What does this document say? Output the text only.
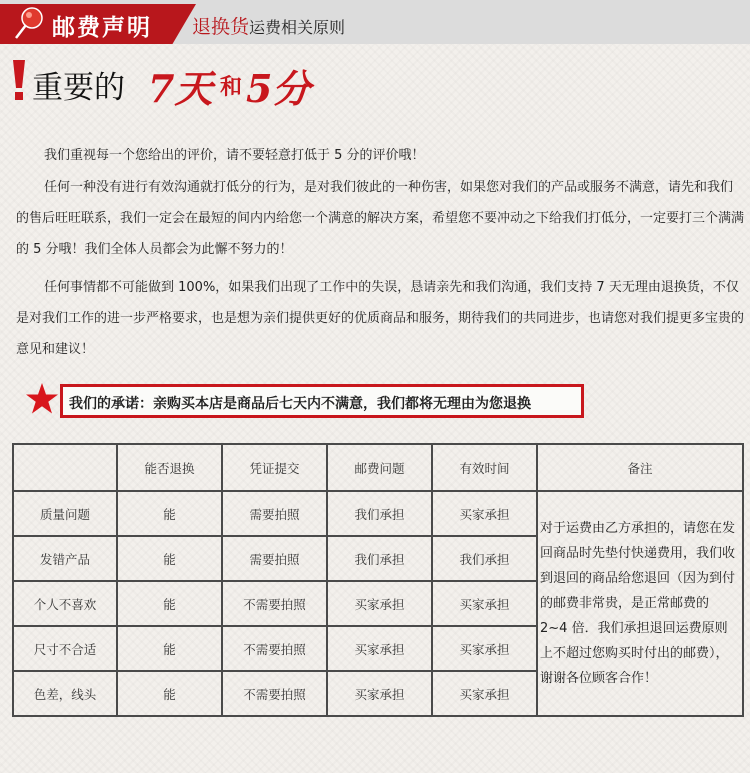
邮费声明 退换货运费相关原则
重要的 7天 和 5分
我们重视每一个您给出的评价，请不要轻意打低于 5 分的评价哦！
任何一种没有进行有效沟通就打低分的行为，是对我们彼此的一种伤害，如果您对我们的产品或服务不满意，请先和我们的售后旺旺联系，我们一定会在最短的间内内给您一个满意的解决方案，希望您不要冲动之下给我们打低分，一定要打三个满满的 5 分哦！我们全体人员都会为此懈不努力的！
任何事情都不可能做到 100%，如果我们出现了工作中的失误，恳请亲先和我们沟通，我们支持 7 天无理由退换货，不仅是对我们工作的进一步严格要求，也是想为亲们提供更好的优质商品和服务，期待我们的共同进步，也请您对我们提更多宝贵的意见和建议！
我们的承诺：亲购买本店是商品后七天内不满意，我们都将无理由为您退换
	能否退换	凭证提交	邮费问题	有效时间	备注
质量问题	能	需要拍照	我们承担	买家承担	对于运费由乙方承担的，请您在发回商品时先垫付快递费用，我们收到退回的商品给您退回（因为到付的邮费非常贵，是正常邮费的 2~4 倍．我们承担退回运费原则上不超过您购买时付出的邮费），谢谢各位顾客合作！
发错产品	能	需要拍照	我们承担	我们承担	
个人不喜欢	能	不需要拍照	买家承担	买家承担	
尺寸不合适	能	不需要拍照	买家承担	买家承担	
色差，线头	能	不需要拍照	买家承担	买家承担	
